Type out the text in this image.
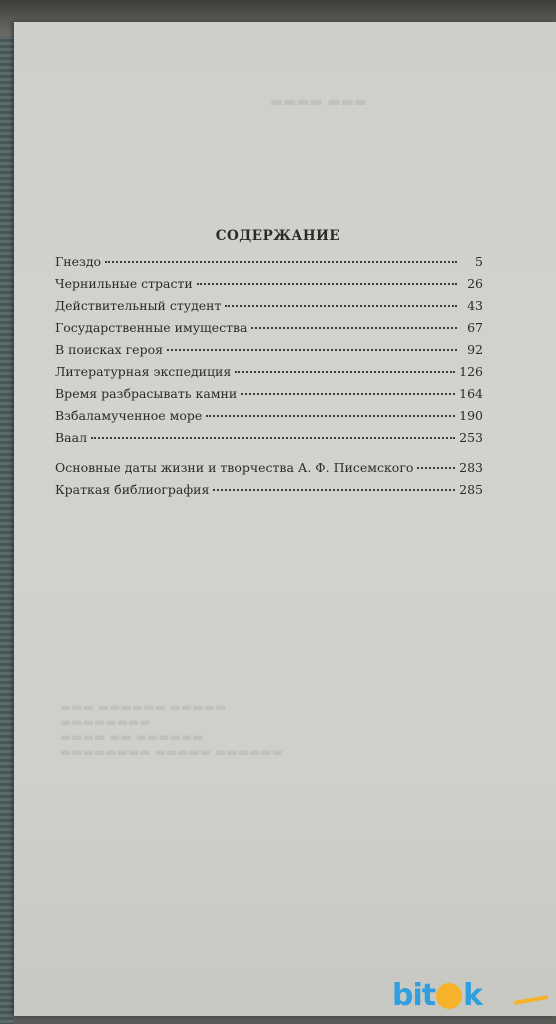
▬▬▬▬ ▬▬▬
▬▬▬ ▬▬▬▬▬▬ ▬▬▬▬▬
▬▬▬▬▬▬▬▬
▬▬▬▬ ▬▬ ▬▬▬▬▬▬
▬▬▬▬▬▬▬▬ ▬▬▬▬▬ ▬▬▬▬▬▬
СОДЕРЖАНИЕ
Гнездо	5
Чернильные страсти	26
Действительный студент	43
Государственные имущества	67
В поисках героя	92
Литературная экспедиция	126
Время разбрасывать камни	164
Взбаламученное море	190
Ваал	253
Основные даты жизни и творчества А. Ф. Писемского	283
Краткая библиография	285
bit k
